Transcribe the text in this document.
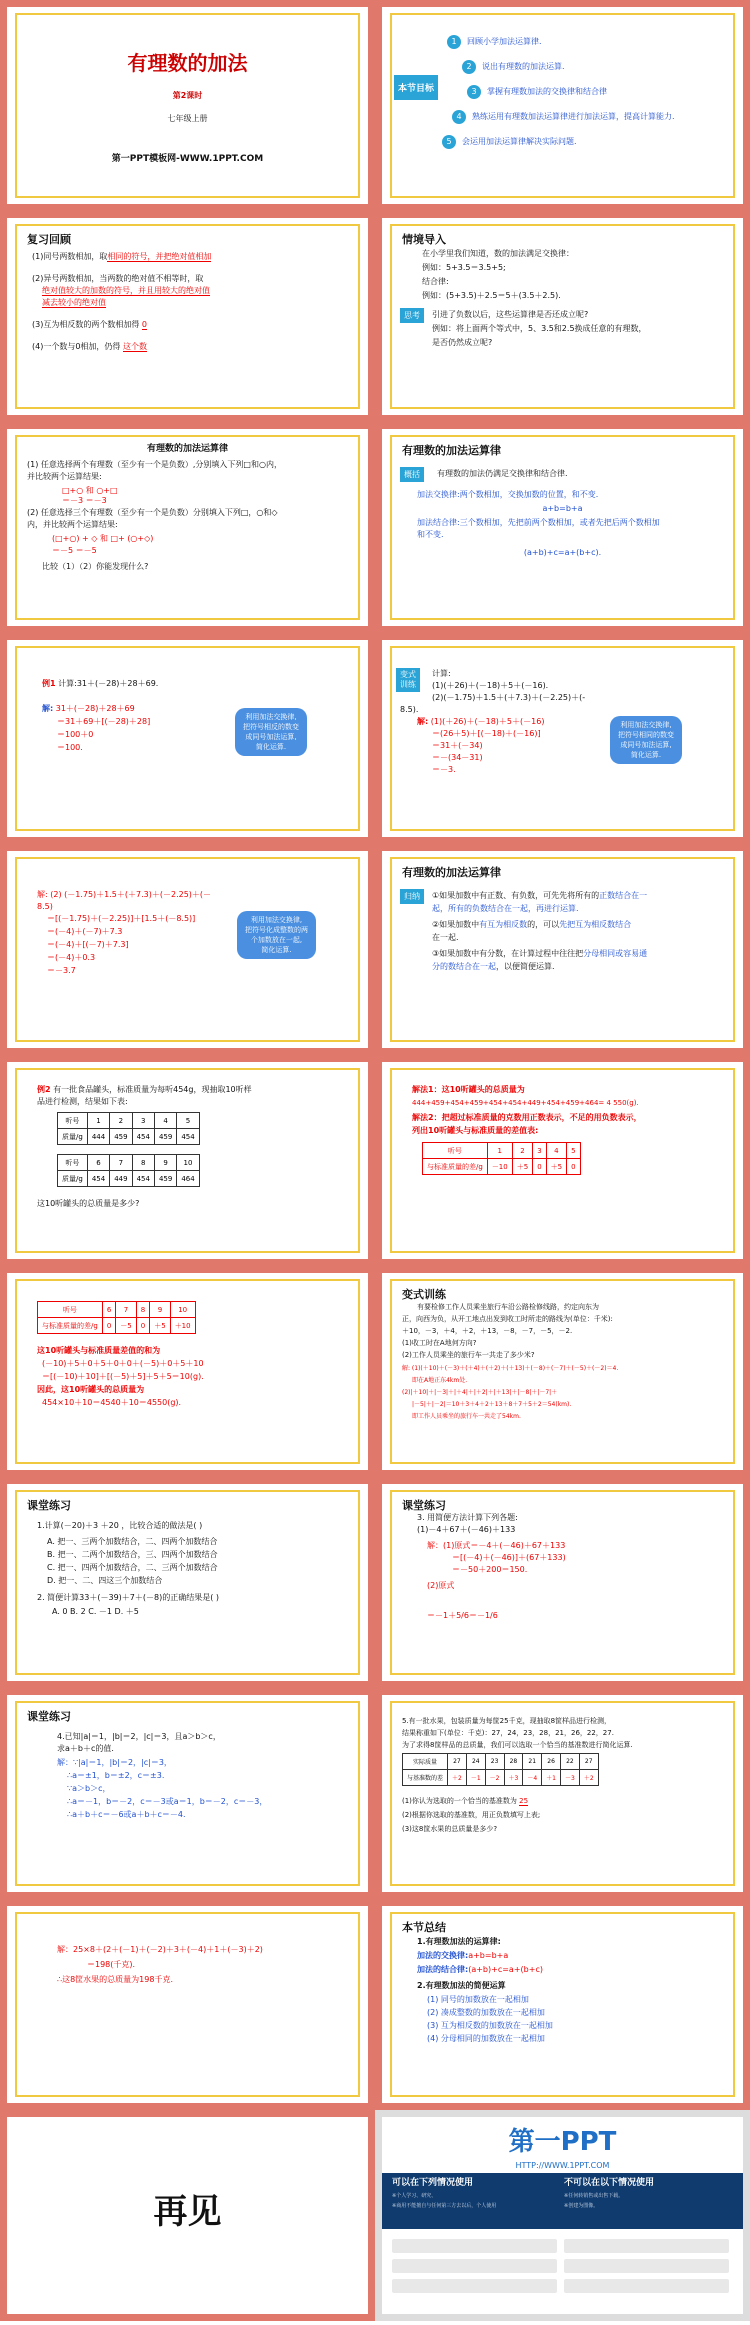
有理数的加法
第2课时
七年级上册
第一PPT模板网-WWW.1PPT.COM
本节目标
1	回顾小学加法运算律.
2	说出有理数的加法运算.
3	掌握有理数加法的交换律和结合律
4	熟练运用有理数加法运算律进行加法运算，提高计算能力.
5	会运用加法运算律解决实际问题.
复习回顾
(1)同号两数相加，取相同的符号，并把绝对值相加
(2)异号两数相加，当两数的绝对值不相等时，取
绝对值较大的加数的符号，并且用较大的绝对值
减去较小的绝对值
(3)互为相反数的两个数相加得 0
(4)一个数与0相加，仍得 这个数
情境导入
在小学里我们知道，数的加法满足交换律：
例如：5+3.5＝3.5+5;
结合律:
例如：(5+3.5)＋2.5＝5＋(3.5＋2.5).
思考	引进了负数以后，这些运算律是否还成立呢?
例如：将上面两个等式中，5、3.5和2.5换成任意的有理数，
是否仍然成立呢?
有理数的加法运算律
(1) 任意选择两个有理数（至少有一个是负数）,分别填入下列□和○内，
并比较两个运算结果:
□+○ 和 ○+□
＝－3 ＝－3
(2) 任意选择三个有理数（至少有一个是负数）分别填入下列□，○和◇
内，并比较两个运算结果:
(□+○) + ◇ 和 □+ (○+◇)
＝－5 ＝－5
比较（1）（2）你能发现什么?
有理数的加法运算律
概括	有理数的加法仍满足交换律和结合律.
加法交换律:两个数相加，交换加数的位置，和不变.
a+b=b+a
加法结合律:三个数相加，先把前两个数相加，或者先把后两个数相加
和不变.
(a+b)+c=a+(b+c).
例1 计算:31＋(－28)＋28＋69.
解: 31＋(－28)＋28＋69
＝31＋69＋[(－28)＋28]
＝100＋0
＝100.
利用加法交换律,
把符号相反的数变
成同号加法运算,
简化运算.
变式
训练
计算:
(1)(＋26)＋(－18)＋5＋(－16).
(2)(－1.75)＋1.5＋(＋7.3)＋(－2.25)＋(-
8.5).
解: (1)(＋26)＋(－18)＋5＋(－16)
＝(26＋5)＋[(－18)＋(－16)]
＝31＋(－34)
＝－(34－31)
＝－3.
利用加法交换律,
把符号相同的数变
成同号加法运算,
简化运算.
解: (2) (－1.75)＋1.5＋(＋7.3)＋(－2.25)＋(－
8.5)
＝[(－1.75)＋(－2.25)]＋[1.5＋(－8.5)]
＝(－4)＋(－7)＋7.3
＝(－4)＋[(－7)＋7.3]
＝(－4)＋0.3
＝－3.7
利用加法交换律,
把符号化成整数的两
个加数放在一起,
简化运算.
有理数的加法运算律
归纳	①如果加数中有正数、有负数，可先先将所有的正数结合在一
起，所有的负数结合在一起，再进行运算.
②如果加数中有互为相反数的，可以先把互为相反数结合
在一起.
③如果加数中有分数，在计算过程中往往把分母相同或容易通
分的数结合在一起，以便简便运算.
例2 有一批食品罐头，标准质量为每听454g，现抽取10听样
品进行检测，结果如下表:
听号	1	2	3	4	5
质量/g	444	459	454	459	454
听号	6	7	8	9	10
质量/g	454	449	454	459	464
这10听罐头的总质量是多少?
解法1：这10听罐头的总质量为
444+459+454+459+454+454+449+454+459+464= 4 550(g).
解法2：把超过标准质量的克数用正数表示，不足的用负数表示，
列出10听罐头与标准质量的差值表:
听号	1	2	3	4	5
与标准质量的差/g	－10	＋5	0	＋5	0
听号	6	7	8	9	10
与标准质量的差/g	0	－5	0	＋5	＋10
这10听罐头与标准质量差值的和为
(－10)＋5＋0＋5＋0＋0＋(－5)＋0＋5＋10
＝[(－10)＋10]＋[(－5)＋5]＋5＋5＝10(g).
因此，这10听罐头的总质量为
454×10＋10＝4540＋10＝4550(g).
变式训练
有要检修工作人员乘坐旅行车沿公路检修线路，约定向东为
正，向西为负，从开工地点出发到收工时所走的路线为(单位：千米):
＋10，－3，＋4，＋2，＋13，－8，－7，－5，－2.
(1)收工时在A地何方向?
(2)工作人员乘坐的旅行车一共走了多少米?
解: (1)(＋10)＋(－3)＋(＋4)＋(＋2)＋(＋13)＋(－8)＋(－7)＋(－5)＋(－2)＝4.
即在A地正东4km处.
(2)|＋10|＋|－3|＋|＋4|＋|＋2|＋|＋13|＋|－8|＋|－7|＋
|－5|＋|－2|＝10＋3＋4＋2＋13＋8＋7＋5＋2＝54(km).
即工作人员乘坐的旅行车一共走了54km.
课堂练习
1.计算(－20)＋3 ＋20 ，比较合适的做法是( )
A. 把一、三两个加数结合，二、四两个加数结合
B. 把一、二两个加数结合，三、四两个加数结合
C. 把一、四两个加数结合，二、三两个加数结合
D. 把一、二、四这三个加数结合
2. 简便计算33＋(－39)＋7＋(－8)的正确结果是( )
A. 0 B. 2 C. －1 D. ＋5
课堂练习
3. 用简便方法计算下列各题:
(1)－4＋67＋(－46)＋133
解：(1)原式＝－4＋(－46)＋67＋133
＝[(－4)＋(－46)]＋(67＋133)
＝－50＋200＝150.
(2)原式
＝－1＋5/6＝－1/6
课堂练习
4.已知|a|＝1，|b|＝2，|c|＝3，且a＞b＞c，
求a＋b＋c的值.
解：∵|a|＝1，|b|＝2，|c|＝3，
∴a＝±1，b＝±2，c＝±3.
∵a＞b＞c，
∴a＝－1，b＝－2，c＝－3或a＝1，b＝－2，c＝－3，
∴a＋b＋c＝－6或a＋b＋c＝－4.
5.有一批水果，包装质量为每筐25千克，现抽取8筐样品进行检测，
结果称重如下(单位：千克)：27，24，23，28，21，26，22，27.
为了求得8筐样品的总质量，我们可以选取一个恰当的基准数进行简化运算.
实际质量	27	24	23	28	21	26	22	27
与基准数的差	＋2	－1	－2	＋3	－4	＋1	－3	＋2
(1)你认为选取的一个恰当的基准数为 25
(2)根据你选取的基准数，用正负数填写上表;
(3)这8筐水果的总质量是多少?
解：25×8＋(2＋(－1)＋(－2)＋3＋(－4)＋1＋(－3)＋2)
＝198(千克).
∴这8筐水果的总质量为198千克.
本节总结
1.有理数加法的运算律:
加法的交换律:a+b=b+a
加法的结合律:(a+b)+c=a+(b+c)
2.有理数加法的简便运算
(1) 同号的加数放在一起相加
(2) 凑成整数的加数放在一起相加
(3) 互为相反数的加数放在一起相加
(4) 分母相同的加数放在一起相加
再见
第一PPT
HTTP://WWW.1PPT.COM
可以在下列情况使用
※个人学习、研究、
※商用不能擅自与任何第三方去以后，个人使用
不可以在以下情况使用
※任何转销售或出售下载。
※创建为图像。
